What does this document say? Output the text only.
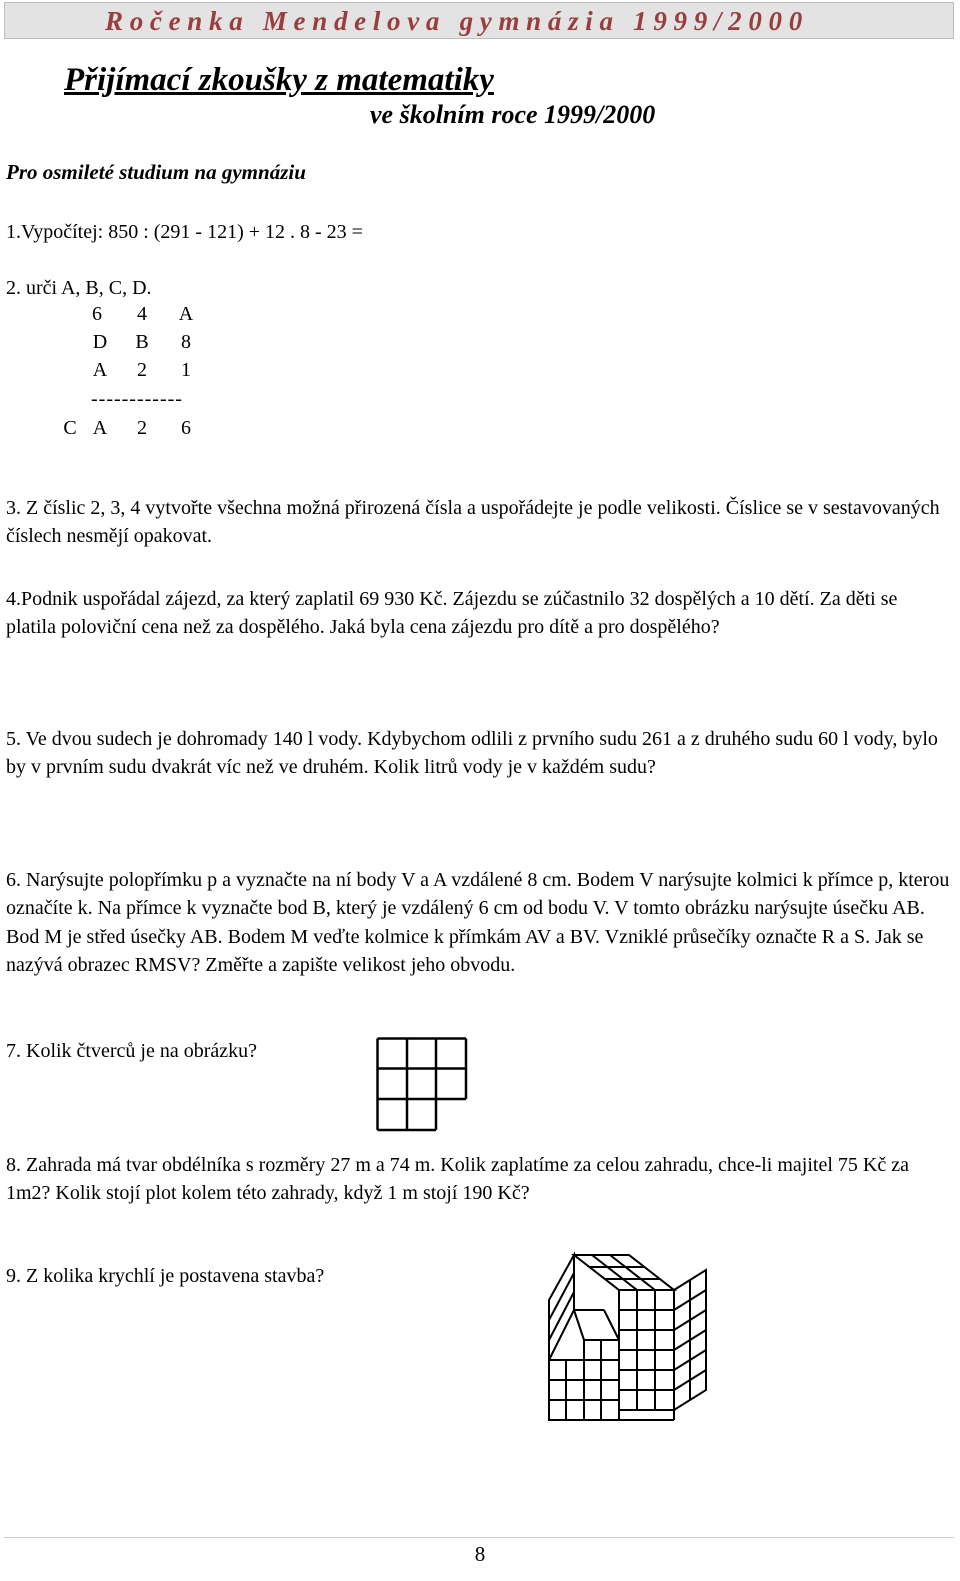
Ročenka Mendelova gymnázia 1999/2000
Přijímací zkoušky z matematiky
ve školním roce 1999/2000
Pro osmileté studium na gymnáziu
1.Vypočítej: 850 : (291 - 121) + 12 . 8 - 23 =
2. urči A, B, C, D.
6	4	A
D	B	8
A	2	1
------------
C A	2	6
3. Z číslic 2, 3, 4 vytvořte všechna možná přirozená čísla a uspořádejte je podle velikosti. Číslice se v sestavovaných číslech nesmějí opakovat.
4.Podnik uspořádal zájezd, za který zaplatil 69 930 Kč. Zájezdu se zúčastnilo 32 dospělých a 10 dětí. Za děti se platila poloviční cena než za dospělého. Jaká byla cena zájezdu pro dítě a pro dospělého?
5. Ve dvou sudech je dohromady 140 l vody. Kdybychom odlili z prvního sudu 261 a z druhého sudu 60 l vody, bylo by v prvním sudu dvakrát víc než ve druhém. Kolik litrů vody je v každém sudu?
6. Narýsujte polopřímku p a vyznačte na ní body V a A vzdálené 8 cm. Bodem V narýsujte kolmici k přímce p, kterou označíte k. Na přímce k vyznačte bod B, který je vzdálený 6 cm od bodu V. V tomto obrázku narýsujte úsečku AB. Bod M je střed úsečky AB. Bodem M veďte kolmice k přímkám AV a BV. Vzniklé průsečíky označte R a S. Jak se nazývá obrazec RMSV? Změřte a zapište velikost jeho obvodu.
7. Kolik čtverců je na obrázku?
8. Zahrada má tvar obdélníka s rozměry 27 m a 74 m. Kolik zaplatíme za celou zahradu, chce-li majitel 75 Kč za 1m2? Kolik stojí plot kolem této zahrady, když 1 m stojí 190 Kč?
9. Z kolika krychlí je postavena stavba?
8
